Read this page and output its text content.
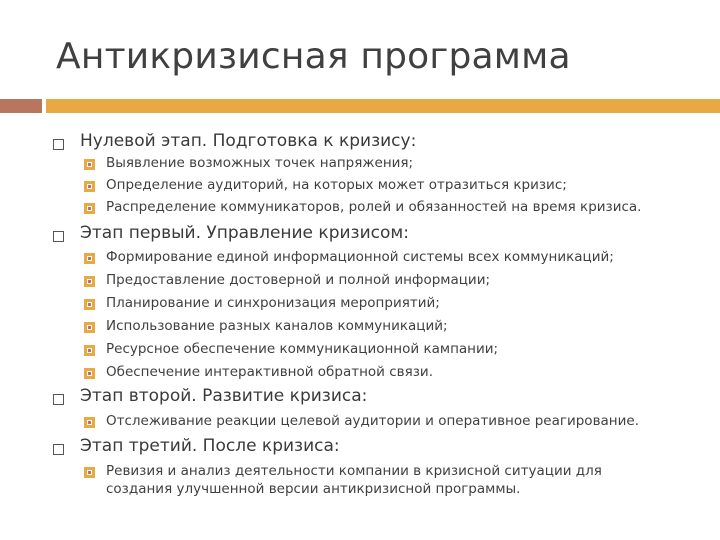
Антикризисная программа
Нулевой этап. Подготовка к кризису:
Выявление возможных точек напряжения;
Определение аудиторий, на которых может отразиться кризис;
Распределение коммуникаторов, ролей и обязанностей на время кризиса.
Этап первый. Управление кризисом:
Формирование единой информационной системы всех коммуникаций;
Предоставление достоверной и полной информации;
Планирование и синхронизация мероприятий;
Использование разных каналов коммуникаций;
Ресурсное обеспечение коммуникационной кампании;
Обеспечение интерактивной обратной связи.
Этап второй. Развитие кризиса:
Отслеживание реакции целевой аудитории и оперативное реагирование.
Этап третий. После кризиса:
Ревизия и анализ деятельности компании в кризисной ситуации для
создания улучшенной версии антикризисной программы.
